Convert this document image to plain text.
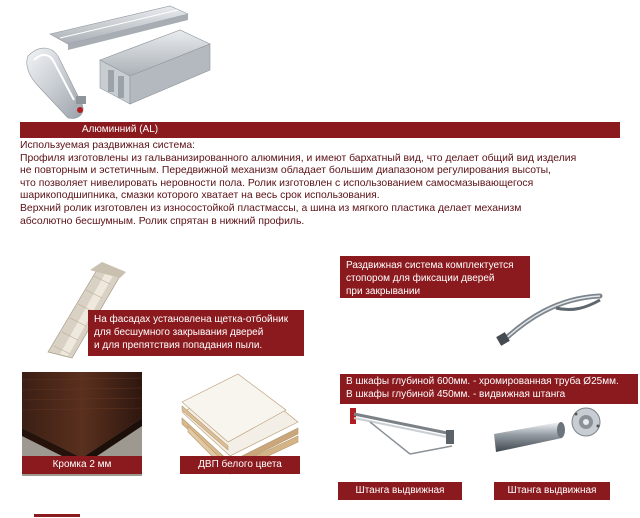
Алюминний (AL)

Используемая раздвижная система:

Профиля изготовлены из гальванизированного алюминия, и имеют бархатный вид, что делает общий вид изделия

не повторным и эстетичным. Передвижной механизм обладает большим диапазоном регулирования высоты,

что позволяет нивелировать неровности пола. Ролик изготовлен с использованием самосмазывающегося

шарикоподшипника, смазки которого хватает на весь срок использования.

Верхний ролик изготовлен из износостойкой пластмассы, а шина из мягкого пластика делает механизм

абсолютно бесшумным. Ролик спрятан в нижний профиль.

На фасадах установлена щетка-отбойник

для бесшумного закрывания дверей

и для препятствия попадания пыли.

Раздвижная система комплектуется

стопором для фиксации дверей

при закрывании

В шкафы глубиной 600мм. - хромированная труба Ø25мм.

В шкафы глубиной 450мм. - видвижная штанга

Кромка 2 мм	ДВП белого цвета
Штанга выдвижная	Штанга выдвижная
